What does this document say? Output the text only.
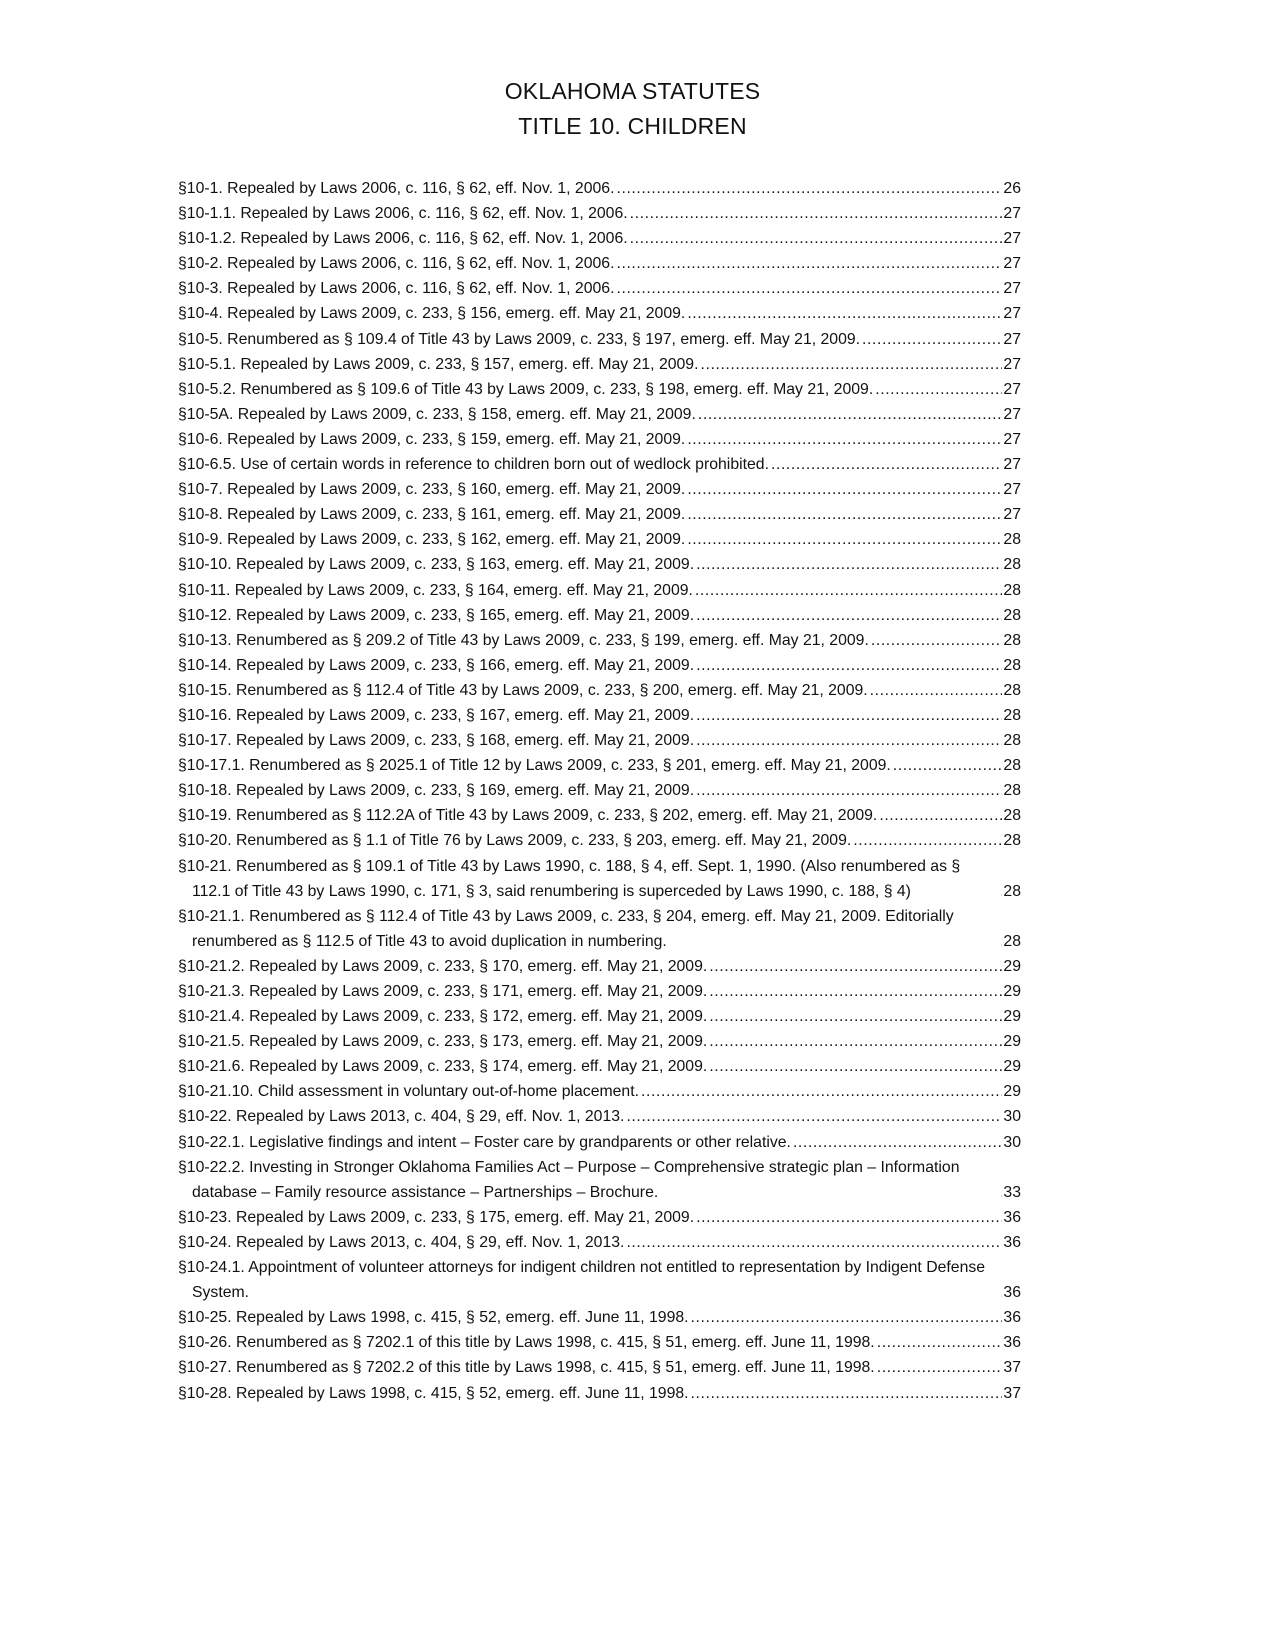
OKLAHOMA STATUTES
TITLE 10. CHILDREN
§10-1. Repealed by Laws 2006, c. 116, § 62, eff. Nov. 1, 2006. .....	26
§10-1.1. Repealed by Laws 2006, c. 116, § 62, eff. Nov. 1, 2006. .....	27
§10-1.2. Repealed by Laws 2006, c. 116, § 62, eff. Nov. 1, 2006. .....	27
§10-2. Repealed by Laws 2006, c. 116, § 62, eff. Nov. 1, 2006. .....	27
§10-3. Repealed by Laws 2006, c. 116, § 62, eff. Nov. 1, 2006. .....	27
§10-4. Repealed by Laws 2009, c. 233, § 156, emerg. eff. May 21, 2009. .....	27
§10-5. Renumbered as § 109.4 of Title 43 by Laws 2009, c. 233, § 197, emerg. eff. May 21, 2009. .....	27
§10-5.1. Repealed by Laws 2009, c. 233, § 157, emerg. eff. May 21, 2009. .....	27
§10-5.2. Renumbered as § 109.6 of Title 43 by Laws 2009, c. 233, § 198, emerg. eff. May 21, 2009. .....	27
§10-5A. Repealed by Laws 2009, c. 233, § 158, emerg. eff. May 21, 2009. .....	27
§10-6. Repealed by Laws 2009, c. 233, § 159, emerg. eff. May 21, 2009. .....	27
§10-6.5. Use of certain words in reference to children born out of wedlock prohibited. .....	27
§10-7. Repealed by Laws 2009, c. 233, § 160, emerg. eff. May 21, 2009. .....	27
§10-8. Repealed by Laws 2009, c. 233, § 161, emerg. eff. May 21, 2009. .....	27
§10-9. Repealed by Laws 2009, c. 233, § 162, emerg. eff. May 21, 2009. .....	28
§10-10. Repealed by Laws 2009, c. 233, § 163, emerg. eff. May 21, 2009. .....	28
§10-11. Repealed by Laws 2009, c. 233, § 164, emerg. eff. May 21, 2009. .....	28
§10-12. Repealed by Laws 2009, c. 233, § 165, emerg. eff. May 21, 2009. .....	28
§10-13. Renumbered as § 209.2 of Title 43 by Laws 2009, c. 233, § 199, emerg. eff. May 21, 2009. .....	28
§10-14. Repealed by Laws 2009, c. 233, § 166, emerg. eff. May 21, 2009. .....	28
§10-15. Renumbered as § 112.4 of Title 43 by Laws 2009, c. 233, § 200, emerg. eff. May 21, 2009. .....	28
§10-16. Repealed by Laws 2009, c. 233, § 167, emerg. eff. May 21, 2009. .....	28
§10-17. Repealed by Laws 2009, c. 233, § 168, emerg. eff. May 21, 2009. .....	28
§10-17.1. Renumbered as § 2025.1 of Title 12 by Laws 2009, c. 233, § 201, emerg. eff. May 21, 2009. .....	28
§10-18. Repealed by Laws 2009, c. 233, § 169, emerg. eff. May 21, 2009. .....	28
§10-19. Renumbered as § 112.2A of Title 43 by Laws 2009, c. 233, § 202, emerg. eff. May 21, 2009. .....	28
§10-20. Renumbered as § 1.1 of Title 76 by Laws 2009, c. 233, § 203, emerg. eff. May 21, 2009. .....	28
§10-21. Renumbered as § 109.1 of Title 43 by Laws 1990, c. 188, § 4, eff. Sept. 1, 1990. (Also renumbered as § 112.1 of Title 43 by Laws 1990, c. 171, § 3, said renumbering is superceded by Laws 1990, c. 188, § 4) .....	28
§10-21.1. Renumbered as § 112.4 of Title 43 by Laws 2009, c. 233, § 204, emerg. eff. May 21, 2009. Editorially renumbered as § 112.5 of Title 43 to avoid duplication in numbering. .....	28
§10-21.2. Repealed by Laws 2009, c. 233, § 170, emerg. eff. May 21, 2009. .....	29
§10-21.3. Repealed by Laws 2009, c. 233, § 171, emerg. eff. May 21, 2009. .....	29
§10-21.4. Repealed by Laws 2009, c. 233, § 172, emerg. eff. May 21, 2009. .....	29
§10-21.5. Repealed by Laws 2009, c. 233, § 173, emerg. eff. May 21, 2009. .....	29
§10-21.6. Repealed by Laws 2009, c. 233, § 174, emerg. eff. May 21, 2009. .....	29
§10-21.10. Child assessment in voluntary out-of-home placement. .....	29
§10-22. Repealed by Laws 2013, c. 404, § 29, eff. Nov. 1, 2013. .....	30
§10-22.1. Legislative findings and intent – Foster care by grandparents or other relative. .....	30
§10-22.2. Investing in Stronger Oklahoma Families Act – Purpose – Comprehensive strategic plan – Information database – Family resource assistance – Partnerships – Brochure. .....	33
§10-23. Repealed by Laws 2009, c. 233, § 175, emerg. eff. May 21, 2009. .....	36
§10-24. Repealed by Laws 2013, c. 404, § 29, eff. Nov. 1, 2013. .....	36
§10-24.1. Appointment of volunteer attorneys for indigent children not entitled to representation by Indigent Defense System. .....	36
§10-25. Repealed by Laws 1998, c. 415, § 52, emerg. eff. June 11, 1998. .....	36
§10-26. Renumbered as § 7202.1 of this title by Laws 1998, c. 415, § 51, emerg. eff. June 11, 1998. .....	36
§10-27. Renumbered as § 7202.2 of this title by Laws 1998, c. 415, § 51, emerg. eff. June 11, 1998. .....	37
§10-28. Repealed by Laws 1998, c. 415, § 52, emerg. eff. June 11, 1998. .....	37
